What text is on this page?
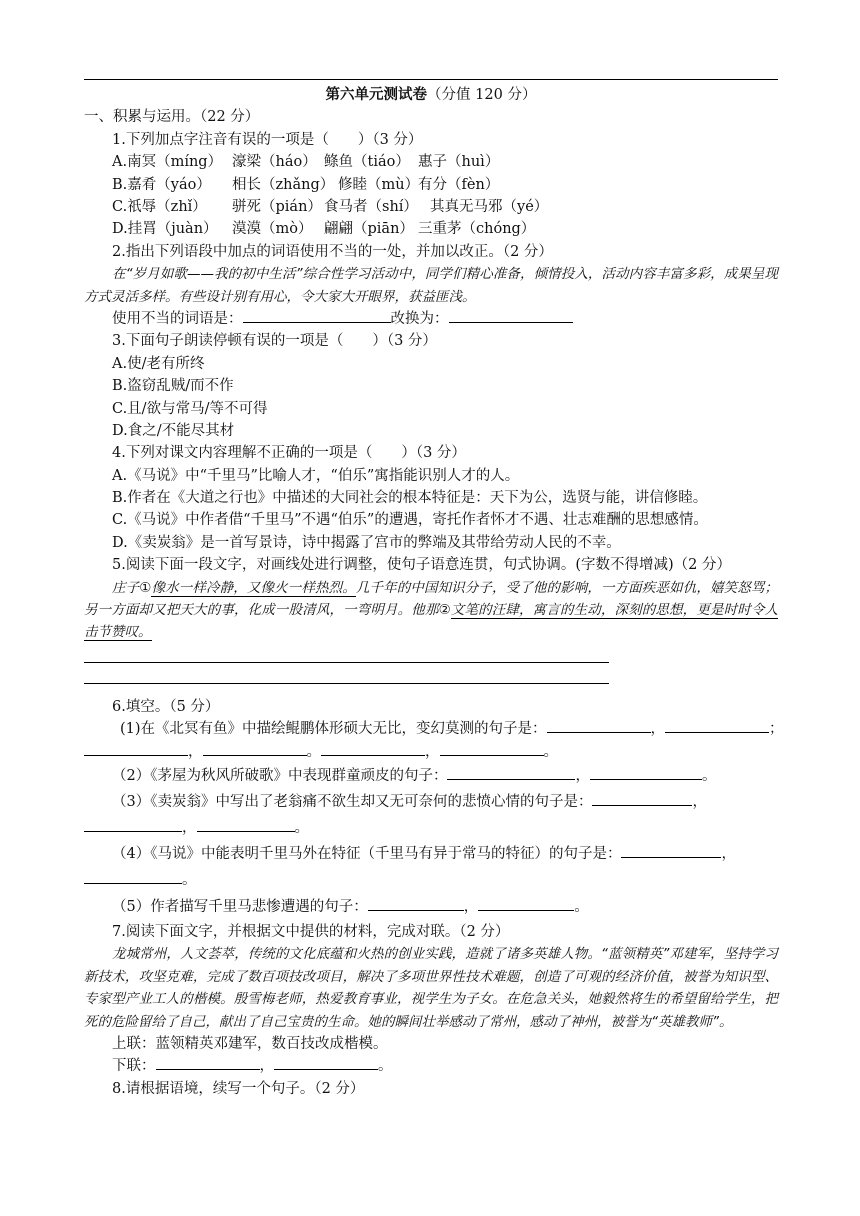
第六单元测试卷（分值 120 分）
一、积累与运用。（22 分）
1.下列加点字注音有误的一项是（　　）（3 分）
A.南冥（míng） 濠梁（háo） 鲦鱼（tiáo） 惠子（huì）
B.嘉肴（yáo） 相长（zhǎng） 修睦（mù）有分（fèn）
C.祇辱（zhǐ） 骈死（pián） 食马者（shí） 其真无马邪（yé）
D.挂罥（juàn） 漠漠（mò） 翩翩（piān） 三重茅（chóng）
2.指出下列语段中加点的词语使用不当的一处，并加以改正。（2 分）
在“岁月如歌——我的初中生活”综合性学习活动中，同学们精心准备，倾情投入，活动内容丰富多彩，成果呈现方式灵活多样。有些设计别有用心，令大家大开眼界，获益匪浅。
使用不当的词语是：	改换为：
3.下面句子朗读停顿有误的一项是（　　）（3 分）
A.使/老有所终
B.盗窃乱贼/而不作
C.且/欲与常马/等不可得
D.食之/不能尽其材
4.下列对课文内容理解不正确的一项是（　　）（3 分）
A.《马说》中“千里马”比喻人才，“伯乐”寓指能识别人才的人。
B.作者在《大道之行也》中描述的大同社会的根本特征是：天下为公，选贤与能，讲信修睦。
C.《马说》中作者借“千里马”不遇“伯乐”的遭遇，寄托作者怀才不遇、壮志难酬的思想感情。
D.《卖炭翁》是一首写景诗，诗中揭露了宫市的弊端及其带给劳动人民的不幸。
5.阅读下面一段文字，对画线处进行调整，使句子语意连贯，句式协调。(字数不得增减)（2 分）
庄子①像水一样冷静，又像火一样热烈。几千年的中国知识分子，受了他的影响，一方面疾恶如仇，嬉笑怒骂；另一方面却又把天大的事，化成一股清风，一弯明月。他那②文笔的汪肆，寓言的生动，深刻的思想，更是时时令人击节赞叹。
6.填空。（5 分）
(1)在《北冥有鱼》中描绘鲲鹏体形硕大无比，变幻莫测的句子是：	，	；
，	。	，	。
（2）《茅屋为秋风所破歌》中表现群童顽皮的句子：	，	。
（3）《卖炭翁》中写出了老翁痛不欲生却又无可奈何的悲愤心情的句子是：	，
，	。
（4）《马说》中能表明千里马外在特征（千里马有异于常马的特征）的句子是：	，
。
（5）作者描写千里马悲惨遭遇的句子：	，	。
7.阅读下面文字，并根据文中提供的材料，完成对联。（2 分）
龙城常州，人文荟萃，传统的文化底蕴和火热的创业实践，造就了诸多英雄人物。“蓝领精英”邓建军，坚持学习新技术，攻坚克难，完成了数百项技改项目，解决了多项世界性技术难题，创造了可观的经济价值，被誉为知识型、专家型产业工人的楷模。殷雪梅老师，热爱教育事业，视学生为子女。在危急关头，她毅然将生的希望留给学生，把死的危险留给了自己，献出了自己宝贵的生命。她的瞬间壮举感动了常州，感动了神州，被誉为“英雄教师”。
上联：蓝领精英邓建军，数百技改成楷模。
下联：	，	。
8.请根据语境，续写一个句子。（2 分）
